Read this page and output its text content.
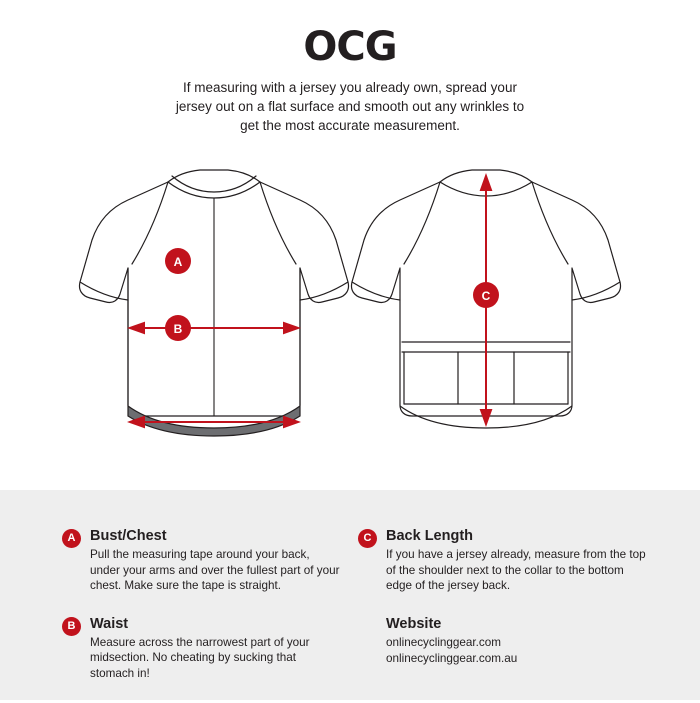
OCG
If measuring with a jersey you already own, spread your jersey out on a flat surface and smooth out any wrinkles to get the most accurate measurement.
A
B
C
A	Bust/Chest

Pull the measuring tape around your back, under your arms and over the fullest part of your chest. Make sure the tape is straight.

B	Waist

Measure across the narrowest part of your midsection. No cheating by sucking that stomach in!

C	Back Length

If you have a jersey already, measure from the top of the shoulder next to the collar to the bottom edge of the jersey back.

Website
onlinecyclinggear.com
onlinecyclinggear.com.au
